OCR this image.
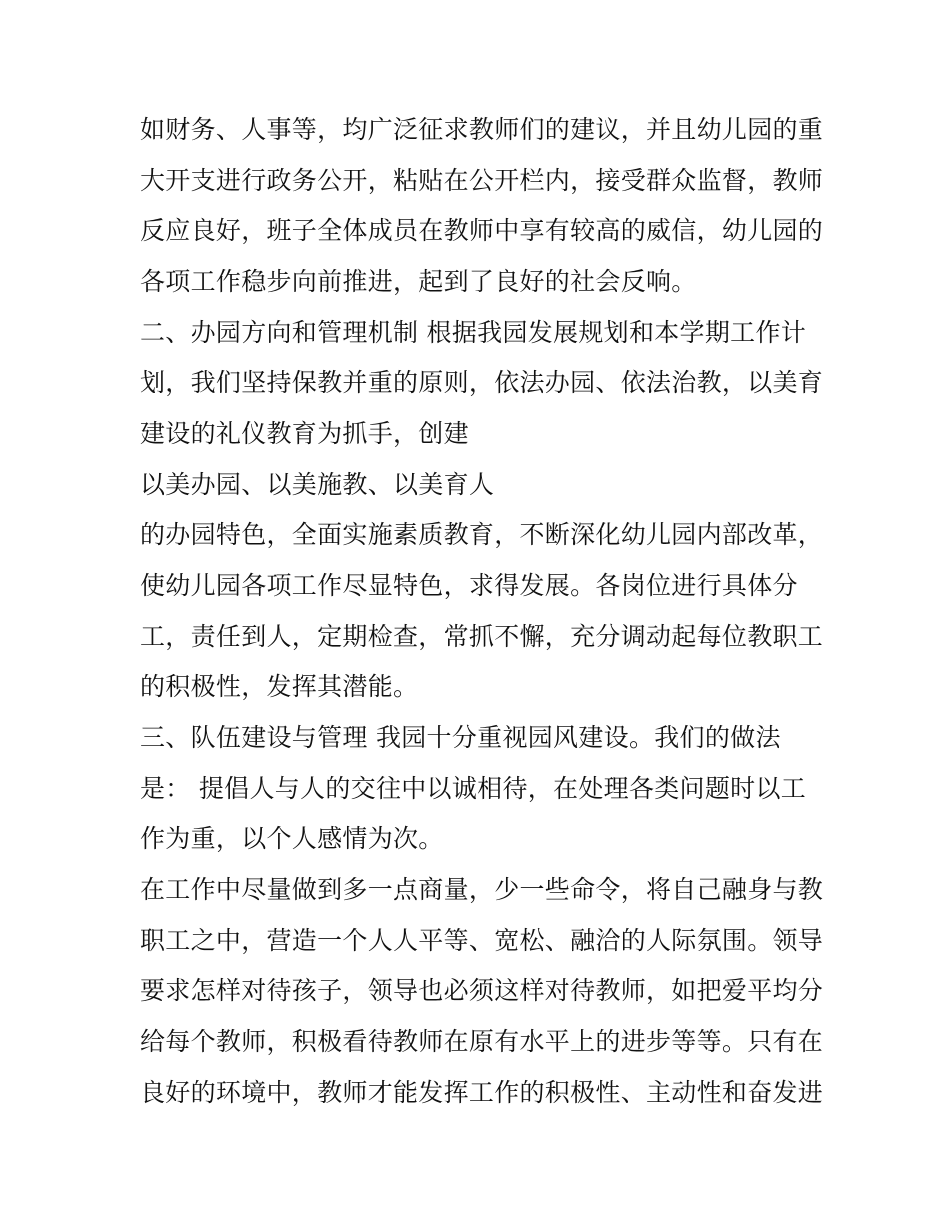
如财务、人事等，均广泛征求教师们的建议，并且幼儿园的重
大开支进行政务公开，粘贴在公开栏内，接受群众监督，教师
反应良好，班子全体成员在教师中享有较高的威信，幼儿园的
各项工作稳步向前推进，起到了良好的社会反响。
二、办园方向和管理机制 根据我园发展规划和本学期工作计
划，我们坚持保教并重的原则，依法办园、依法治教，以美育
建设的礼仪教育为抓手，创建
以美办园、以美施教、以美育人
的办园特色，全面实施素质教育，不断深化幼儿园内部改革，
使幼儿园各项工作尽显特色，求得发展。各岗位进行具体分
工，责任到人，定期检查，常抓不懈，充分调动起每位教职工
的积极性，发挥其潜能。
三、队伍建设与管理 我园十分重视园风建设。我们的做法
是： 提倡人与人的交往中以诚相待，在处理各类问题时以工
作为重，以个人感情为次。
在工作中尽量做到多一点商量，少一些命令，将自己融身与教
职工之中，营造一个人人平等、宽松、融洽的人际氛围。领导
要求怎样对待孩子，领导也必须这样对待教师，如把爱平均分
给每个教师，积极看待教师在原有水平上的进步等等。只有在
良好的环境中，教师才能发挥工作的积极性、主动性和奋发进
